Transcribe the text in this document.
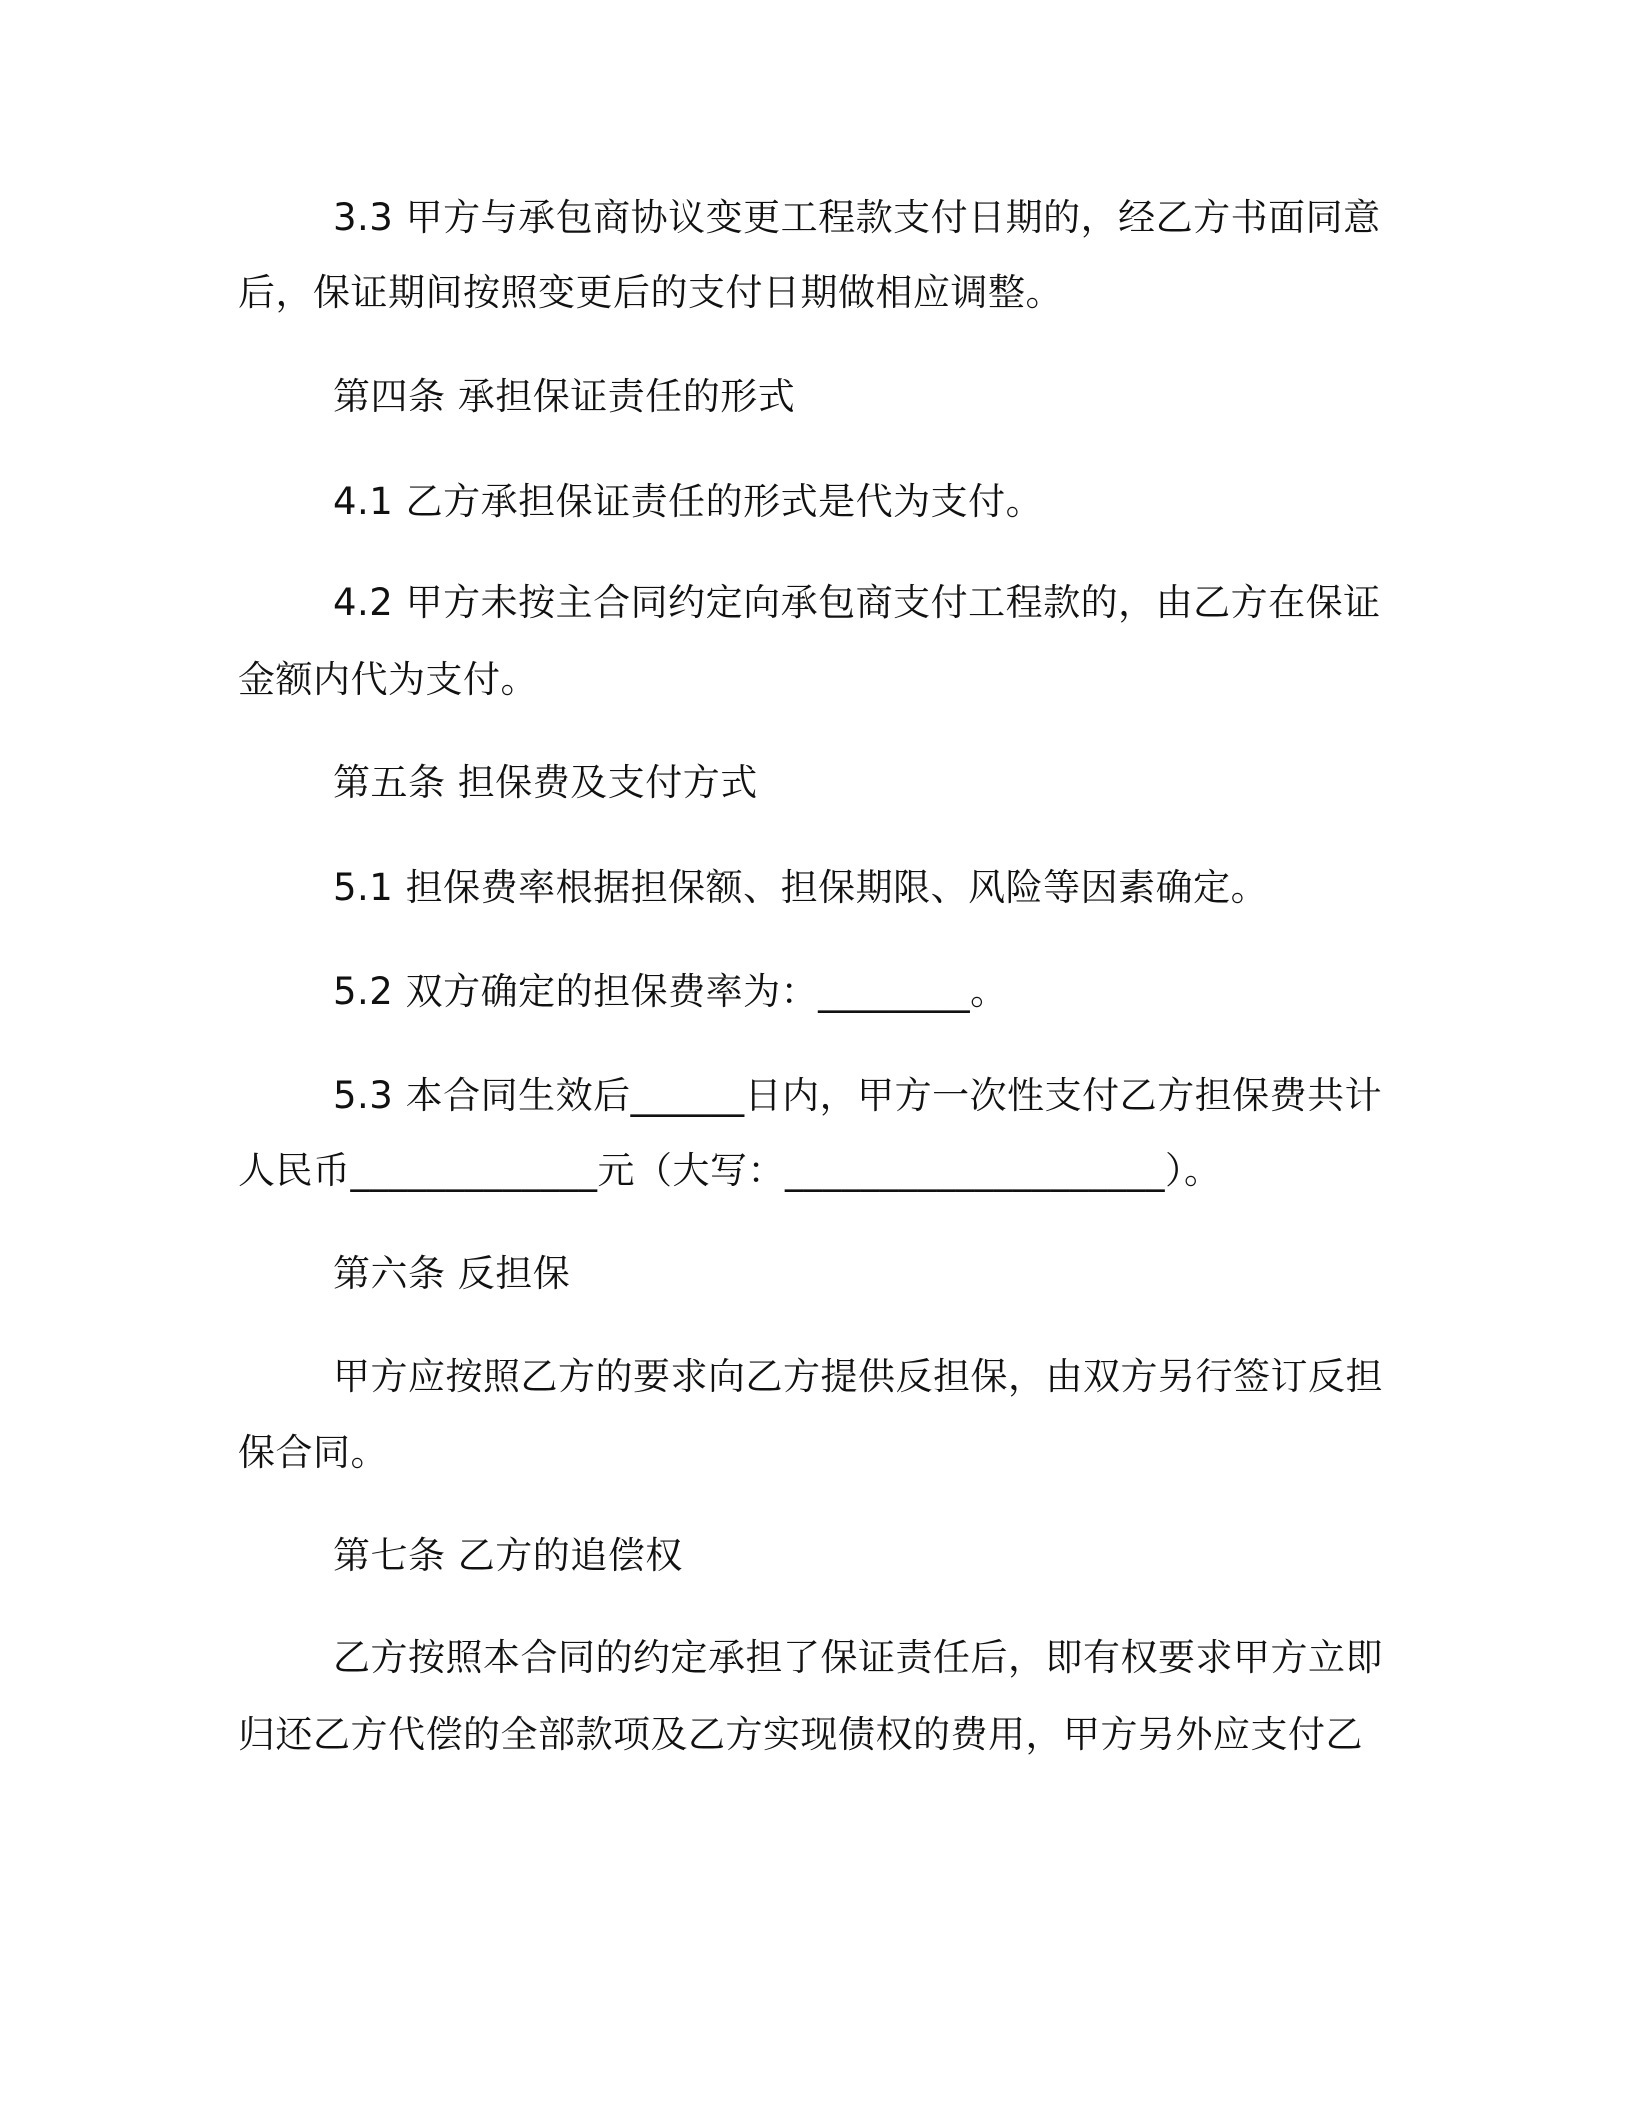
3.3 甲方与承包商协议变更工程款支付日期的，经乙方书面同意
后，保证期间按照变更后的支付日期做相应调整。
第四条 承担保证责任的形式
4.1 乙方承担保证责任的形式是代为支付。
4.2 甲方未按主合同约定向承包商支付工程款的，由乙方在保证
金额内代为支付。
第五条 担保费及支付方式
5.1 担保费率根据担保额、担保期限、风险等因素确定。
5.2 双方确定的担保费率为：________。
5.3 本合同生效后______日内，甲方一次性支付乙方担保费共计
人民币_____________元（大写：____________________）。
第六条 反担保
甲方应按照乙方的要求向乙方提供反担保，由双方另行签订反担
保合同。
第七条 乙方的追偿权
乙方按照本合同的约定承担了保证责任后，即有权要求甲方立即
归还乙方代偿的全部款项及乙方实现债权的费用，甲方另外应支付乙
